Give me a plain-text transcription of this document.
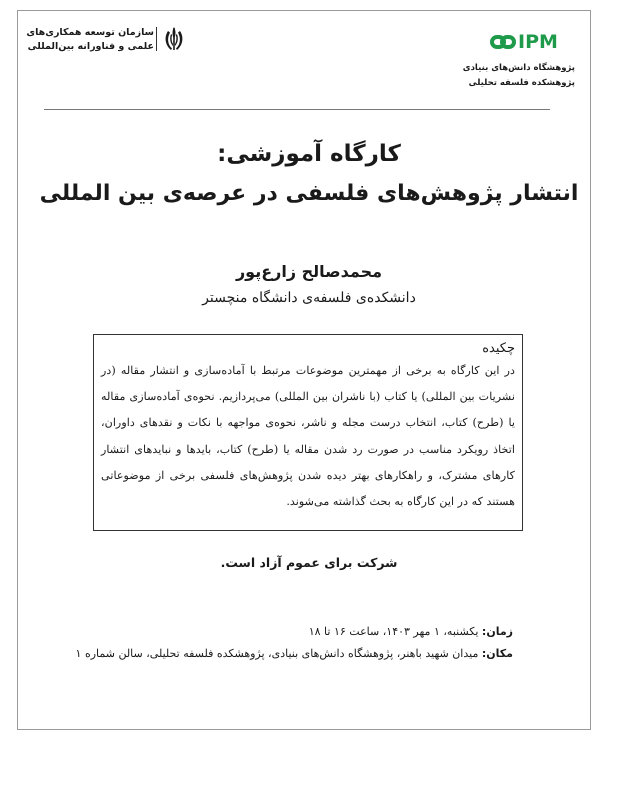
IPM
پژوهشگاه دانش‌های بنیادی
پژوهشکده فلسفه تحلیلی
سازمان توسعه همکاری‌های
علمی و فناورانه بین‌المللی
کارگاه آموزشی:
انتشار پژوهش‌های فلسفی در عرصه‌ی بین المللی
محمدصالح زارع‌پور
دانشکده‌ی فلسفه‌ی دانشگاه منچستر
چکیده

در این کارگاه به برخی از مهمترین موضوعات مرتبط با آماده‌سازی و انتشار مقاله (در نشریات بین المللی) یا کتاب (با ناشران بین المللی) می‌پردازیم. نحوه‌ی آماده‌سازی مقاله یا (طرح) کتاب، انتخاب درست مجله و ناشر، نحوه‌ی مواجهه با نکات و نقدهای داوران، اتخاذ رویکرد مناسب در صورت رد شدن مقاله یا (طرح) کتاب، بایدها و نبایدهای انتشار کارهای مشترک، و راهکارهای بهتر دیده شدن پژوهش‌های فلسفی برخی از موضوعاتی هستند که در این کارگاه به بحث گذاشته می‌شوند.

شرکت برای عموم آزاد است.
زمان: یکشنبه، ۱ مهر ۱۴۰۳، ساعت ۱۶ تا ۱۸
مکان: میدان شهید باهنر، پژوهشگاه دانش‌های بنیادی، پژوهشکده فلسفه تحلیلی، سالن شماره ۱
